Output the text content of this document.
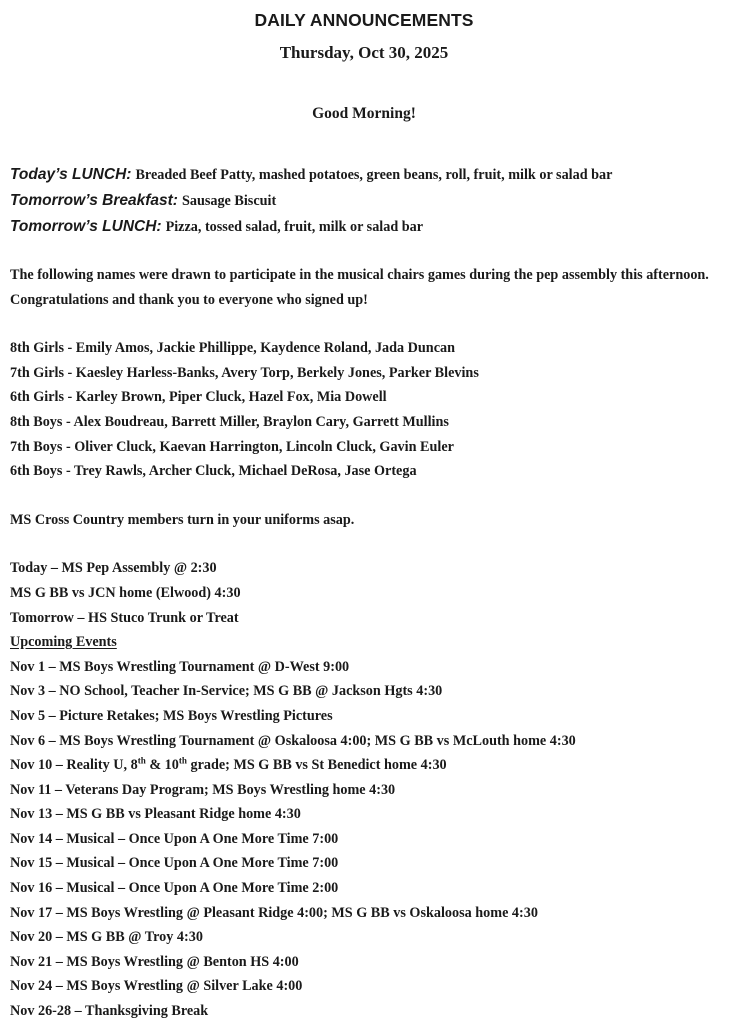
DAILY ANNOUNCEMENTS
Thursday, Oct 30, 2025
Good Morning!
Today’s LUNCH: Breaded Beef Patty, mashed potatoes, green beans, roll, fruit, milk or salad bar
Tomorrow’s Breakfast: Sausage Biscuit
Tomorrow’s LUNCH: Pizza, tossed salad, fruit, milk or salad bar
The following names were drawn to participate in the musical chairs games during the pep assembly this afternoon.
Congratulations and thank you to everyone who signed up!
8th Girls - Emily Amos, Jackie Phillippe, Kaydence Roland, Jada Duncan
7th Girls - Kaesley Harless-Banks, Avery Torp, Berkely Jones, Parker Blevins
6th Girls - Karley Brown, Piper Cluck, Hazel Fox, Mia Dowell
8th Boys - Alex Boudreau, Barrett Miller, Braylon Cary, Garrett Mullins
7th Boys - Oliver Cluck, Kaevan Harrington, Lincoln Cluck, Gavin Euler
6th Boys - Trey Rawls, Archer Cluck, Michael DeRosa, Jase Ortega
MS Cross Country members turn in your uniforms asap.
Today – MS Pep Assembly @ 2:30
MS G BB vs JCN home (Elwood) 4:30
Tomorrow – HS Stuco Trunk or Treat
Upcoming Events
Nov 1 – MS Boys Wrestling Tournament @ D-West 9:00
Nov 3 – NO School, Teacher In-Service; MS G BB @ Jackson Hgts 4:30
Nov 5 – Picture Retakes; MS Boys Wrestling Pictures
Nov 6 – MS Boys Wrestling Tournament @ Oskaloosa 4:00; MS G BB vs McLouth home 4:30
Nov 10 – Reality U, 8th & 10th grade; MS G BB vs St Benedict home 4:30
Nov 11 – Veterans Day Program; MS Boys Wrestling home 4:30
Nov 13 – MS G BB vs Pleasant Ridge home 4:30
Nov 14 – Musical – Once Upon A One More Time 7:00
Nov 15 – Musical – Once Upon A One More Time 7:00
Nov 16 – Musical – Once Upon A One More Time 2:00
Nov 17 – MS Boys Wrestling @ Pleasant Ridge 4:00; MS G BB vs Oskaloosa home 4:30
Nov 20 – MS G BB @ Troy 4:30
Nov 21 – MS Boys Wrestling @ Benton HS 4:00
Nov 24 – MS Boys Wrestling @ Silver Lake 4:00
Nov 26-28 – Thanksgiving Break
